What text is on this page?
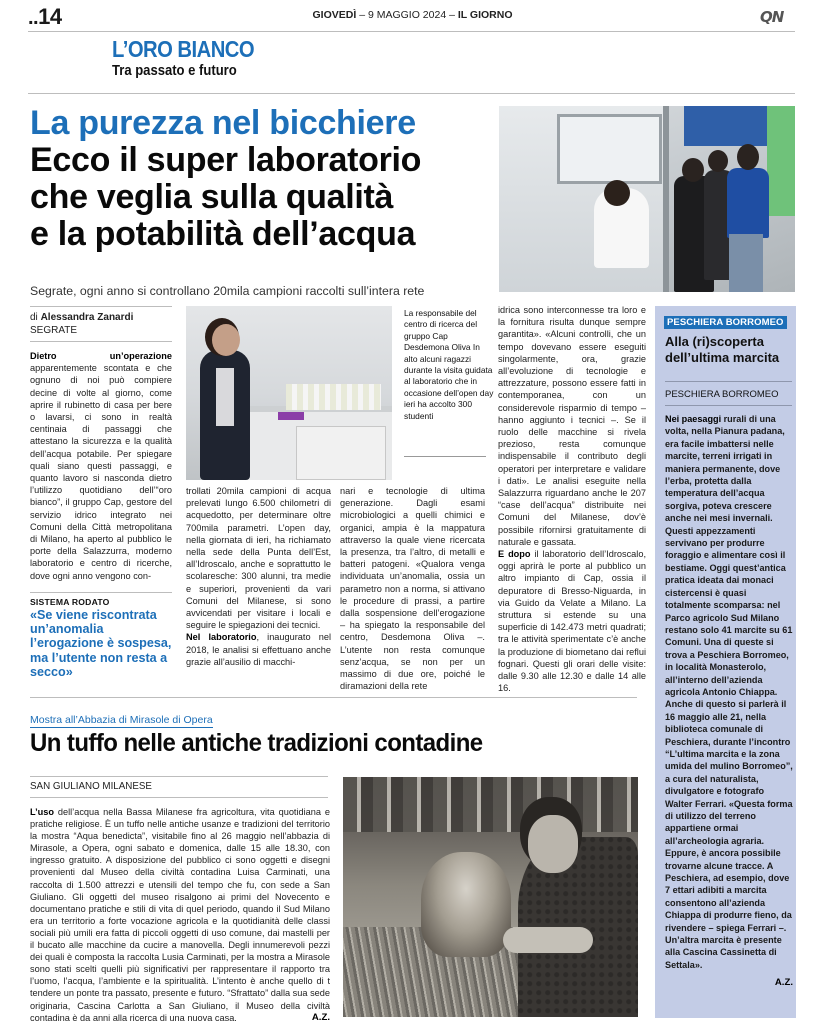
..14	GIOVEDÌ – 9 MAGGIO 2024 – IL GIORNO	QN
L’ORO BIANCO
Tra passato e futuro
La purezza nel bicchiere
Ecco il super laboratorio
che veglia sulla qualità
e la potabilità dell’acqua
Segrate, ogni anno si controllano 20mila campioni raccolti sull’intera rete
di Alessandra Zanardi
SEGRATE
Dietro un’operazione apparentemente scontata e che ognuno di noi può compiere decine di volte al giorno, come aprire il rubinetto di casa per bere o lavarsi, ci sono in realtà centinaia di passaggi che attestano la sicurezza e la qualità dell’acqua potabile. Per spiegare quali siano questi passaggi, e quanto lavoro si nasconda dietro l’utilizzo quotidiano dell’“oro bianco”, il gruppo Cap, gestore del servizio idrico integrato nei Comuni della Città metropolitana di Milano, ha aperto al pubblico le porte della Salazzurra, moderno laboratorio e centro di ricerche, dove ogni anno vengono con-
SISTEMA RODATO
«Se viene riscontrata un’anomalia l’erogazione è sospesa, ma l’utente non resta a secco»
La responsabile del centro di ricerca del gruppo Cap Desdemona Oliva In alto alcuni ragazzi durante la visita guidata al laboratorio che in occasione dell’open day ieri ha accolto 300 studenti
trollati 20mila campioni di acqua prelevati lungo 6.500 chilometri di acquedotto, per determinare oltre 700mila parametri. L’open day, nella giornata di ieri, ha richiamato nella sede della Punta dell’Est, all’Idroscalo, anche e soprattutto le scolaresche: 300 alunni, tra medie e superiori, provenienti da vari Comuni del Milanese, si sono avvicendati per visitare i locali e seguire le spiegazioni dei tecnici.
Nel laboratorio, inaugurato nel 2018, le analisi si effettuano anche grazie all’ausilio di macchi-
nari e tecnologie di ultima generazione. Dagli esami microbiologici a quelli chimici e organici, ampia è la mappatura attraverso la quale viene ricercata la presenza, tra l’altro, di metalli e batteri patogeni. «Qualora venga individuata un’anomalia, ossia un parametro non a norma, si attivano le procedure di prassi, a partire dalla sospensione dell’erogazione – ha spiegato la responsabile del centro, Desdemona Oliva –. L’utente non resta comunque senz’acqua, se non per un massimo di due ore, poiché le diramazioni della rete
idrica sono interconnesse tra loro e la fornitura risulta dunque sempre garantita». «Alcuni controlli, che un tempo dovevano essere eseguiti singolarmente, ora, grazie all’evoluzione di tecnologie e attrezzature, possono essere fatti in contemporanea, con un considerevole risparmio di tempo – hanno aggiunto i tecnici –. Se il ruolo delle macchine si rivela prezioso, resta comunque indispensabile il contributo degli operatori per interpretare e validare i dati». Le analisi eseguite nella Salazzurra riguardano anche le 207 “case dell’acqua” distribuite nei Comuni del Milanese, dov’è possibile rifornirsi gratuitamente di naturale e gassata.
E dopo il laboratorio dell’Idroscalo, oggi aprirà le porte al pubblico un altro impianto di Cap, ossia il depuratore di Bresso-Niguarda, in via Guido da Velate a Milano. La struttura si estende su una superficie di 142.473 metri quadrati; tra le attività sperimentate c’è anche la produzione di biometano dai reflui fognari. Questi gli orari delle visite: dalle 9.30 alle 12.30 e dalle 14 alle 16.
PESCHIERA BORROMEO
Alla (ri)scoperta dell’ultima marcita
PESCHIERA BORROMEO
Nei paesaggi rurali di una volta, nella Pianura padana, era facile imbattersi nelle marcite, terreni irrigati in maniera permanente, dove l’erba, protetta dalla temperatura dell’acqua sorgiva, poteva crescere anche nei mesi invernali. Questi appezzamenti servivano per produrre foraggio e alimentare così il bestiame. Oggi quest’antica pratica ideata dai monaci cistercensi è quasi totalmente scomparsa: nel Parco agricolo Sud Milano restano solo 41 marcite su 61 Comuni. Una di queste si trova a Peschiera Borromeo, in località Monasterolo, all’interno dell’azienda agricola Antonio Chiappa. Anche di questo si parlerà il 16 maggio alle 21, nella biblioteca comunale di Peschiera, durante l’incontro “L’ultima marcita e la zona umida del mulino Borromeo”, a cura del naturalista, divulgatore e fotografo Walter Ferrari. «Questa forma di utilizzo del terreno appartiene ormai all’archeologia agraria. Eppure, è ancora possibile trovarne alcune tracce. A Peschiera, ad esempio, dove 7 ettari adibiti a marcita consentono all’azienda Chiappa di produrre fieno, da rivendere – spiega Ferrari –. Un’altra marcita è presente alla Cascina Cassinetta di Settala».
A.Z.
Mostra all’Abbazia di Mirasole di Opera
Un tuffo nelle antiche tradizioni contadine
SAN GIULIANO MILANESE
L’uso dell’acqua nella Bassa Milanese fra agricoltura, vita quotidiana e pratiche religiose. È un tuffo nelle antiche usanze e tradizioni del territorio la mostra “Aqua benedicta”, visitabile fino al 26 maggio nell’abbazia di Mirasole, a Opera, ogni sabato e domenica, dalle 15 alle 18.30, con ingresso gratuito. A disposizione del pubblico ci sono oggetti e disegni provenienti dal Museo della civiltà contadina Luisa Carminati, una raccolta di 1.500 attrezzi e utensili del tempo che fu, con sede a San Giuliano. Gli oggetti del museo risalgono ai primi del Novecento e documentano pratiche e stili di vita di quel periodo, quando il Sud Milano era un territorio a forte vocazione agricola e la quotidianità delle classi sociali più umili era fatta di piccoli oggetti di uso comune, dai mastelli per il bucato alle macchine da cucire a manovella. Degli innumerevoli pezzi dei quali è composta la raccolta Lusia Carminati, per la mostra a Mirasole sono stati scelti quelli più significativi per rappresentare il rapporto tra l’uomo, l’acqua, l’ambiente e la spiritualità. L’intento è anche quello di t tendere un ponte tra passato, presente e futuro. “Sfrattato” dalla sua sede originaria, Cascina Carlotta a San Giuliano, il Museo della civiltà contadina è da anni alla ricerca di una nuova casa.	A.Z.
